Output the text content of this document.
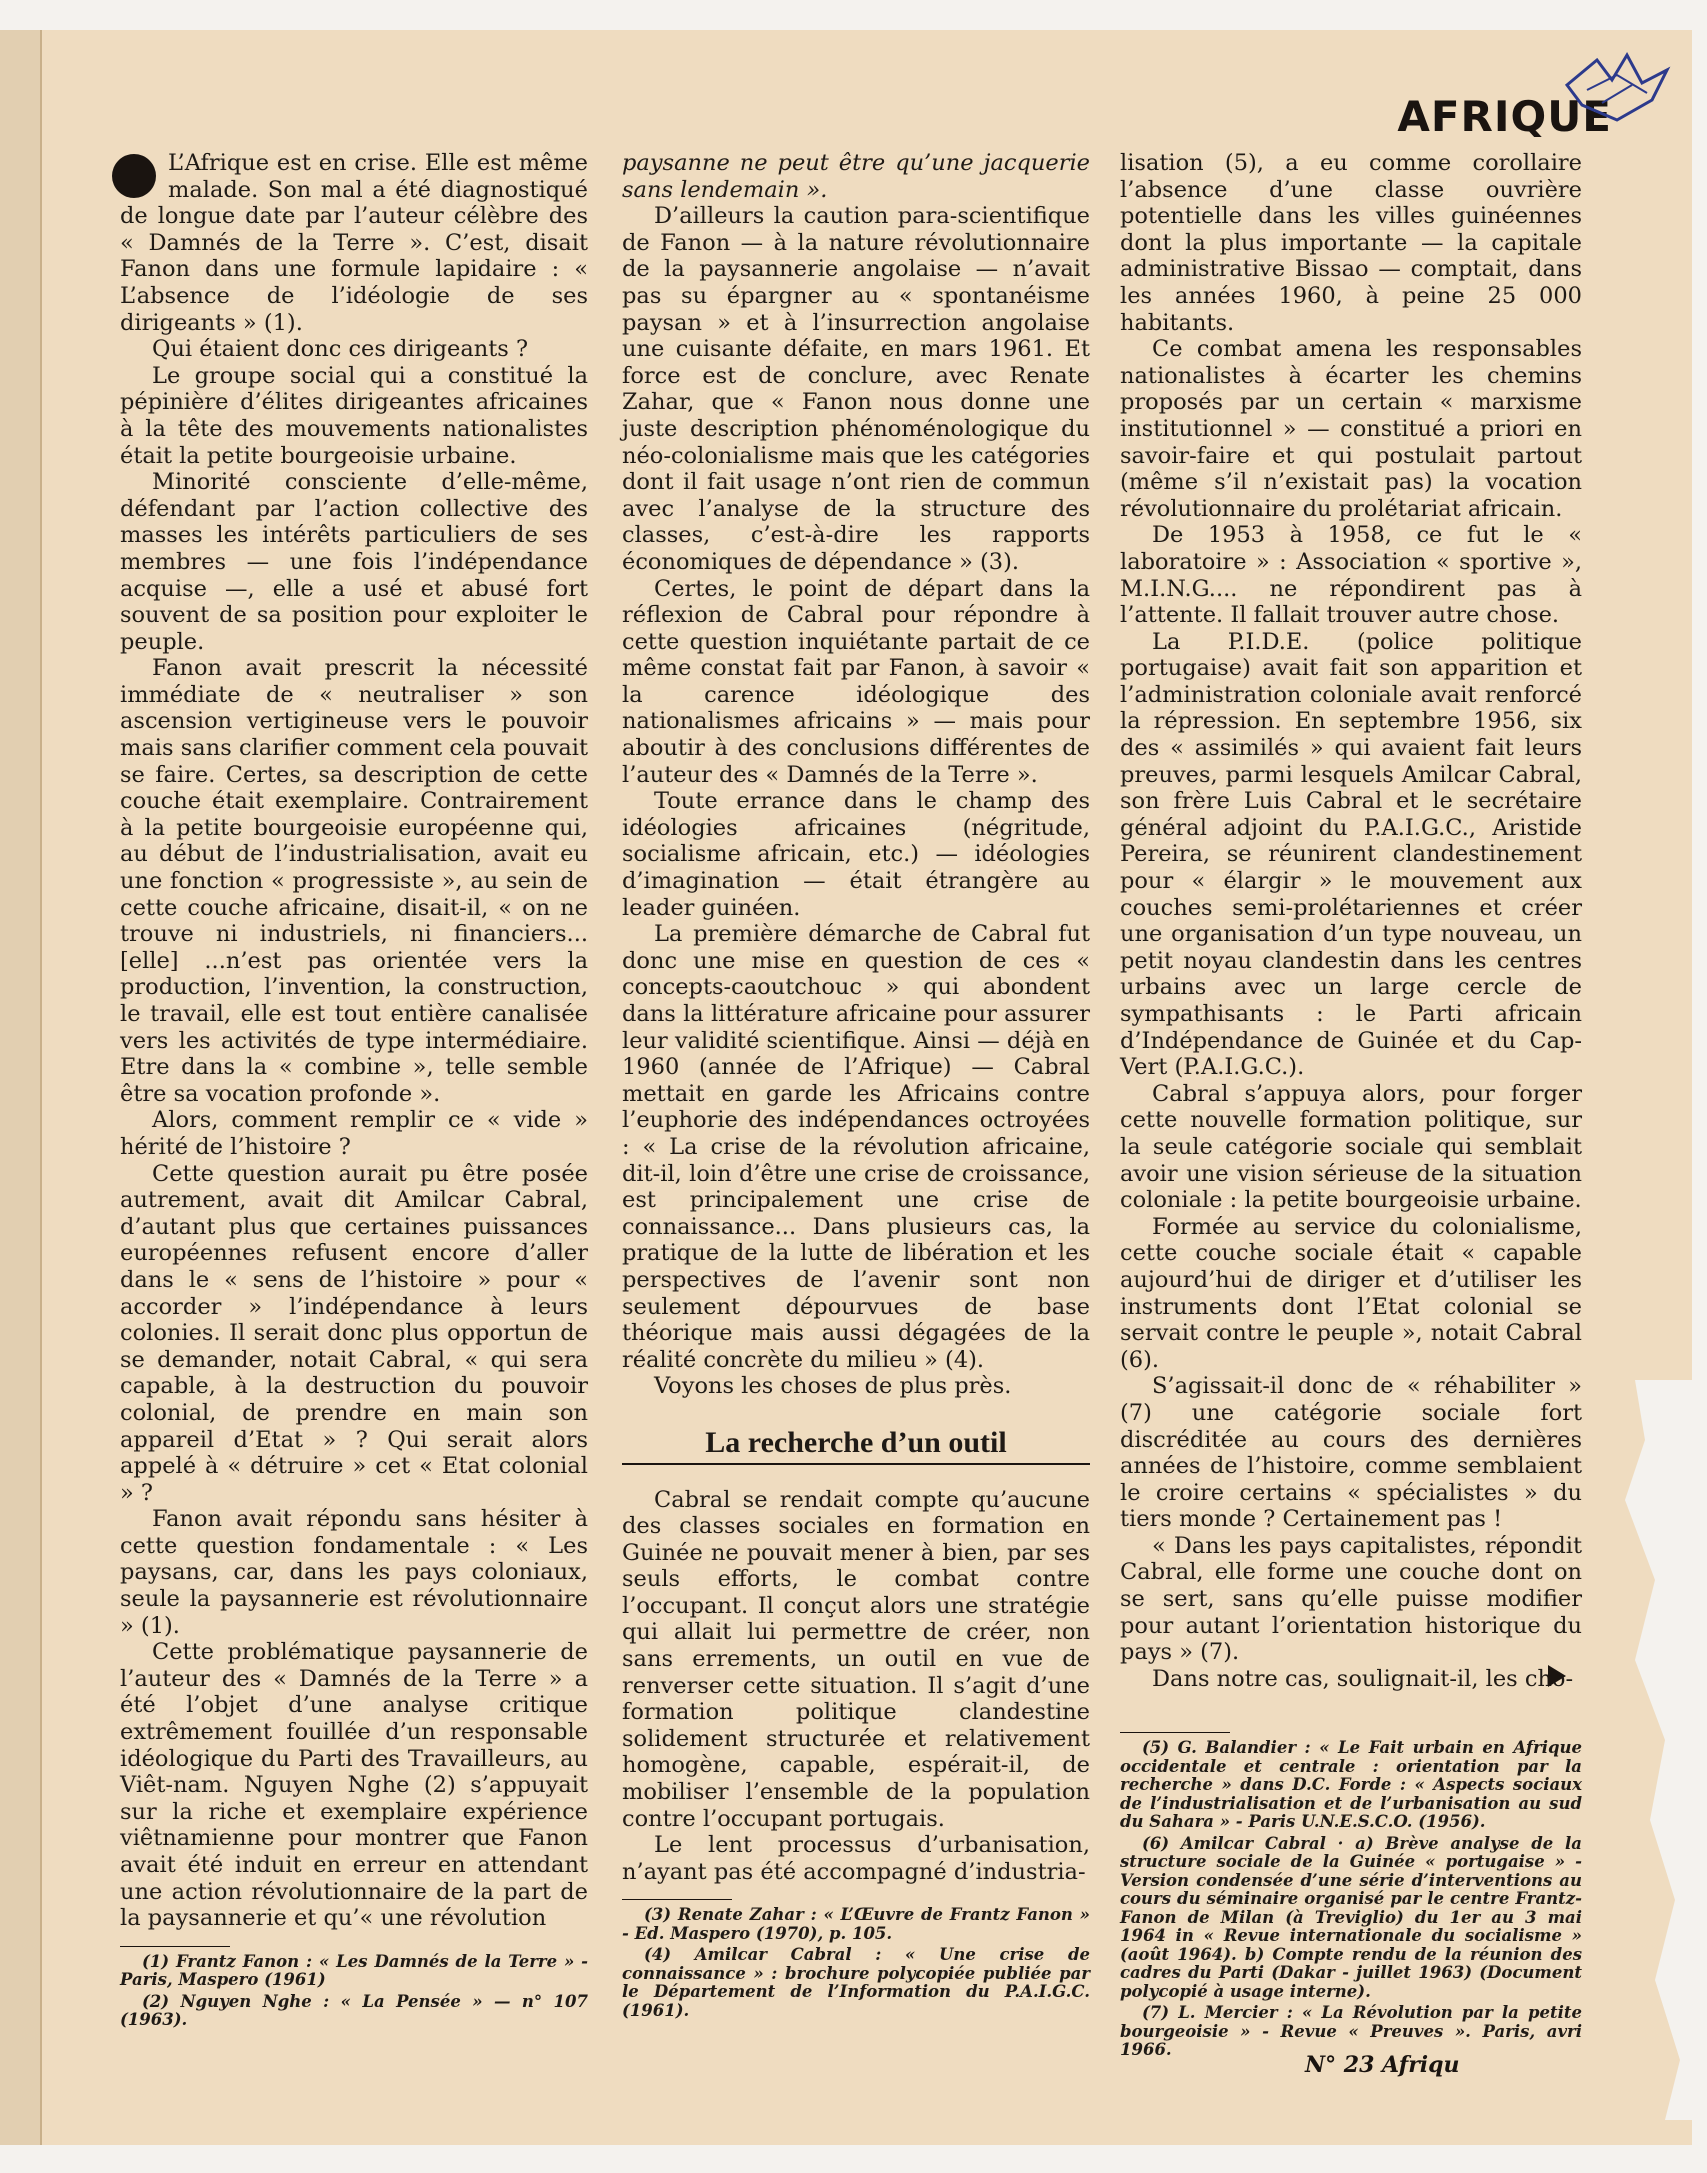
AFRIQUE

L’Afrique est en crise. Elle est même malade. Son mal a été diagnostiqué de longue date par l’auteur célèbre des « Damnés de la Terre ». C’est, disait Fanon dans une formule lapidaire : « L’absence de l’idéologie de ses dirigeants » (1).

Qui étaient donc ces dirigeants ?

Le groupe social qui a constitué la pépinière d’élites dirigeantes africaines à la tête des mouvements nationalistes était la petite bourgeoisie urbaine.

Minorité consciente d’elle-même, défendant par l’action collective des masses les intérêts particuliers de ses membres — une fois l’indépendance acquise —, elle a usé et abusé fort souvent de sa position pour exploiter le peuple.

Fanon avait prescrit la nécessité immédiate de « neutraliser » son ascension vertigineuse vers le pouvoir mais sans clarifier comment cela pouvait se faire. Certes, sa description de cette couche était exemplaire. Contrairement à la petite bourgeoisie européenne qui, au début de l’industrialisation, avait eu une fonction « progressiste », au sein de cette couche africaine, disait-il, « on ne trouve ni industriels, ni financiers... [elle] ...n’est pas orientée vers la production, l’invention, la construction, le travail, elle est tout entière canalisée vers les activités de type intermédiaire. Etre dans la « combine », telle semble être sa vocation profonde ».

Alors, comment remplir ce « vide » hérité de l’histoire ?

Cette question aurait pu être posée autrement, avait dit Amilcar Cabral, d’autant plus que certaines puissances européennes refusent encore d’aller dans le « sens de l’histoire » pour « accorder » l’indépendance à leurs colonies. Il serait donc plus opportun de se demander, notait Cabral, « qui sera capable, à la destruction du pouvoir colonial, de prendre en main son appareil d’Etat » ? Qui serait alors appelé à « détruire » cet « Etat colonial » ?

Fanon avait répondu sans hésiter à cette question fondamentale : « Les paysans, car, dans les pays coloniaux, seule la paysannerie est révolutionnaire » (1).

Cette problématique paysannerie de l’auteur des « Damnés de la Terre » a été l’objet d’une analyse critique extrêmement fouillée d’un responsable idéologique du Parti des Travailleurs, au Viêt-nam. Nguyen Nghe (2) s’appuyait sur la riche et exemplaire expérience viêtnamienne pour montrer que Fanon avait été induit en erreur en attendant une action révolutionnaire de la part de la paysannerie et qu’« une révolution

(1) Frantz Fanon : « Les Damnés de la Terre » - Paris, Maspero (1961)

(2) Nguyen Nghe : « La Pensée » — n° 107 (1963).

paysanne ne peut être qu’une jacquerie sans lendemain ».

D’ailleurs la caution para-scientifique de Fanon — à la nature révolutionnaire de la paysannerie angolaise — n’avait pas su épargner au « spontanéisme paysan » et à l’insurrection angolaise une cuisante défaite, en mars 1961. Et force est de conclure, avec Renate Zahar, que « Fanon nous donne une juste description phénoménologique du néo-colonialisme mais que les catégories dont il fait usage n’ont rien de commun avec l’analyse de la structure des classes, c’est-à-dire les rapports économiques de dépendance » (3).

Certes, le point de départ dans la réflexion de Cabral pour répondre à cette question inquiétante partait de ce même constat fait par Fanon, à savoir « la carence idéologique des nationalismes africains » — mais pour aboutir à des conclusions différentes de l’auteur des « Damnés de la Terre ».

Toute errance dans le champ des idéologies africaines (négritude, socialisme africain, etc.) — idéologies d’imagination — était étrangère au leader guinéen.

La première démarche de Cabral fut donc une mise en question de ces « concepts-caoutchouc » qui abondent dans la littérature africaine pour assurer leur validité scientifique. Ainsi — déjà en 1960 (année de l’Afrique) — Cabral mettait en garde les Africains contre l’euphorie des indépendances octroyées : « La crise de la révolution africaine, dit-il, loin d’être une crise de croissance, est principalement une crise de connaissance... Dans plusieurs cas, la pratique de la lutte de libération et les perspectives de l’avenir sont non seulement dépourvues de base théorique mais aussi dégagées de la réalité concrète du milieu » (4).

Voyons les choses de plus près.

La recherche d’un outil

Cabral se rendait compte qu’aucune des classes sociales en formation en Guinée ne pouvait mener à bien, par ses seuls efforts, le combat contre l’occupant. Il conçut alors une stratégie qui allait lui permettre de créer, non sans errements, un outil en vue de renverser cette situation. Il s’agit d’une formation politique clandestine solidement structurée et relativement homogène, capable, espérait-il, de mobiliser l’ensemble de la population contre l’occupant portugais.

Le lent processus d’urbanisation, n’ayant pas été accompagné d’industria-

(3) Renate Zahar : « L’Œuvre de Frantz Fanon » - Ed. Maspero (1970), p. 105.

(4) Amilcar Cabral : « Une crise de connaissance » : brochure polycopiée publiée par le Département de l’Information du P.A.I.G.C. (1961).

lisation (5), a eu comme corollaire l’absence d’une classe ouvrière potentielle dans les villes guinéennes dont la plus importante — la capitale administrative Bissao — comptait, dans les années 1960, à peine 25 000 habitants.

Ce combat amena les responsables nationalistes à écarter les chemins proposés par un certain « marxisme institutionnel » — constitué a priori en savoir-faire et qui postulait partout (même s’il n’existait pas) la vocation révolutionnaire du prolétariat africain.

De 1953 à 1958, ce fut le « laboratoire » : Association « sportive », M.I.N.G.... ne répondirent pas à l’attente. Il fallait trouver autre chose.

La P.I.D.E. (police politique portugaise) avait fait son apparition et l’administration coloniale avait renforcé la répression. En septembre 1956, six des « assimilés » qui avaient fait leurs preuves, parmi lesquels Amilcar Cabral, son frère Luis Cabral et le secrétaire général adjoint du P.A.I.G.C., Aristide Pereira, se réunirent clandestinement pour « élargir » le mouvement aux couches semi-prolétariennes et créer une organisation d’un type nouveau, un petit noyau clandestin dans les centres urbains avec un large cercle de sympathisants : le Parti africain d’Indépendance de Guinée et du Cap-Vert (P.A.I.G.C.).

Cabral s’appuya alors, pour forger cette nouvelle formation politique, sur la seule catégorie sociale qui semblait avoir une vision sérieuse de la situation coloniale : la petite bourgeoisie urbaine.

Formée au service du colonialisme, cette couche sociale était « capable aujourd’hui de diriger et d’utiliser les instruments dont l’Etat colonial se servait contre le peuple », notait Cabral (6).

S’agissait-il donc de « réhabiliter » (7) une catégorie sociale fort discréditée au cours des dernières années de l’histoire, comme semblaient le croire certains « spécialistes » du tiers monde ? Certainement pas !

« Dans les pays capitalistes, répondit Cabral, elle forme une couche dont on se sert, sans qu’elle puisse modifier pour autant l’orientation historique du pays » (7).

Dans notre cas, soulignait-il, les cho-

(5) G. Balandier : « Le Fait urbain en Afrique occidentale et centrale : orientation par la recherche » dans D.C. Forde : « Aspects sociaux de l’industrialisation et de l’urbanisation au sud du Sahara » - Paris U.N.E.S.C.O. (1956).

(6) Amilcar Cabral · a) Brève analyse de la structure sociale de la Guinée « portugaise » - Version condensée d’une série d’interventions au cours du séminaire organisé par le centre Frantz-Fanon de Milan (à Treviglio) du 1er au 3 mai 1964 in « Revue internationale du socialisme » (août 1964). b) Compte rendu de la réunion des cadres du Parti (Dakar - juillet 1963) (Document polycopié à usage interne).

(7) L. Mercier : « La Révolution par la petite bourgeoisie » - Revue « Preuves ». Paris, avri 1966.

N° 23 Afriqu
